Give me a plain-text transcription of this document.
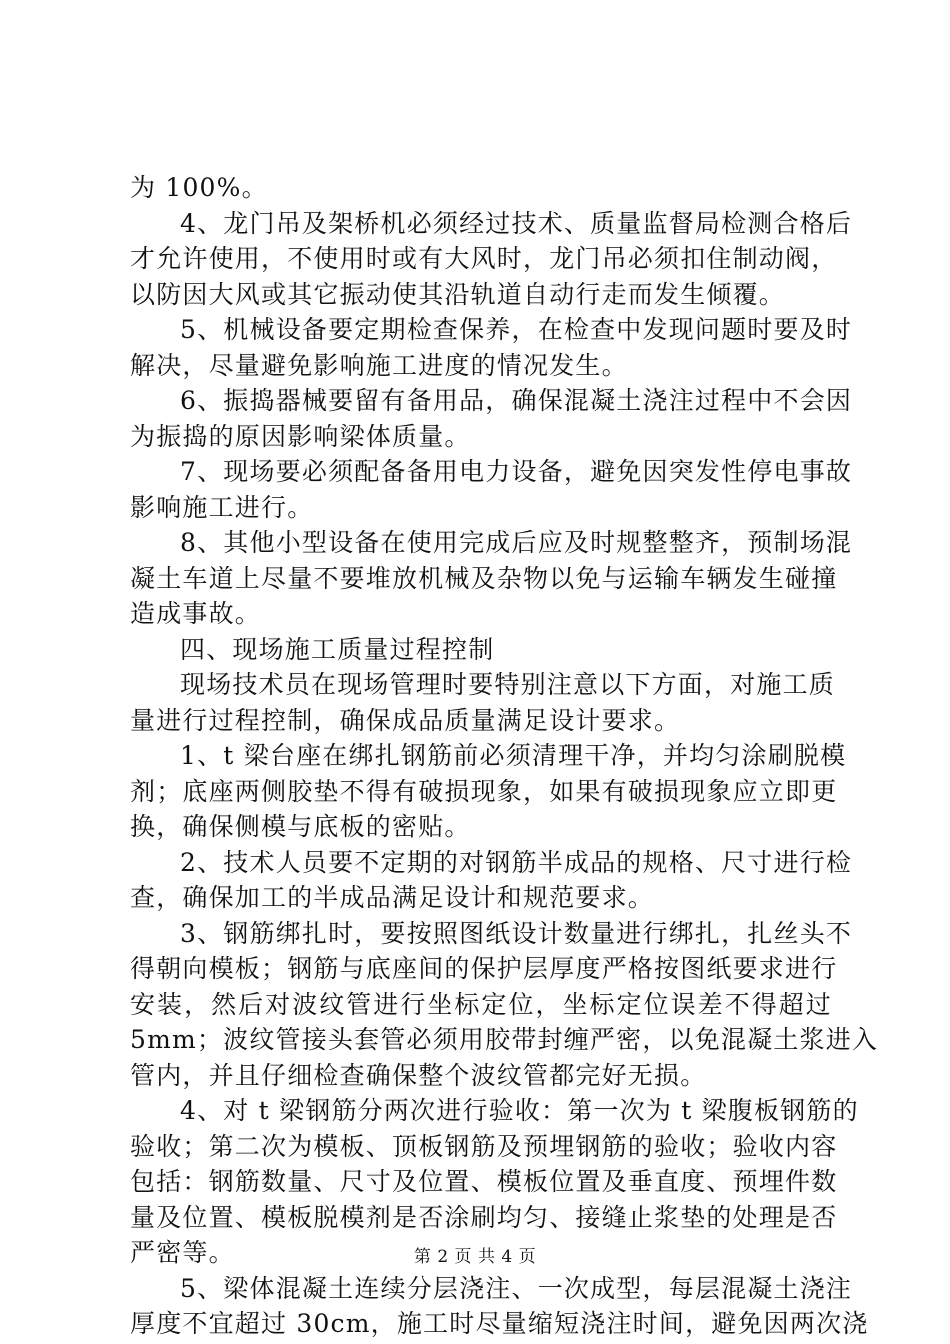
为 100%。
4、龙门吊及架桥机必须经过技术、质量监督局检测合格后
才允许使用，不使用时或有大风时，龙门吊必须扣住制动阀，
以防因大风或其它振动使其沿轨道自动行走而发生倾覆。
5、机械设备要定期检查保养，在检查中发现问题时要及时
解决，尽量避免影响施工进度的情况发生。
6、振捣器械要留有备用品，确保混凝土浇注过程中不会因
为振捣的原因影响梁体质量。
7、现场要必须配备备用电力设备，避免因突发性停电事故
影响施工进行。
8、其他小型设备在使用完成后应及时规整整齐，预制场混
凝土车道上尽量不要堆放机械及杂物以免与运输车辆发生碰撞
造成事故。
四、现场施工质量过程控制
现场技术员在现场管理时要特别注意以下方面，对施工质
量进行过程控制，确保成品质量满足设计要求。
1、t 梁台座在绑扎钢筋前必须清理干净，并均匀涂刷脱模
剂；底座两侧胶垫不得有破损现象，如果有破损现象应立即更
换，确保侧模与底板的密贴。
2、技术人员要不定期的对钢筋半成品的规格、尺寸进行检
查，确保加工的半成品满足设计和规范要求。
3、钢筋绑扎时，要按照图纸设计数量进行绑扎，扎丝头不
得朝向模板；钢筋与底座间的保护层厚度严格按图纸要求进行
安装，然后对波纹管进行坐标定位，坐标定位误差不得超过
5mm；波纹管接头套管必须用胶带封缠严密，以免混凝土浆进入
管内，并且仔细检查确保整个波纹管都完好无损。
4、对 t 梁钢筋分两次进行验收：第一次为 t 梁腹板钢筋的
验收；第二次为模板、顶板钢筋及预埋钢筋的验收；验收内容
包括：钢筋数量、尺寸及位置、模板位置及垂直度、预埋件数
量及位置、模板脱模剂是否涂刷均匀、接缝止浆垫的处理是否
严密等。
5、梁体混凝土连续分层浇注、一次成型，每层混凝土浇注
厚度不宜超过 30cm，施工时尽量缩短浇注时间，避免因两次浇
第 2 页 共 4 页
